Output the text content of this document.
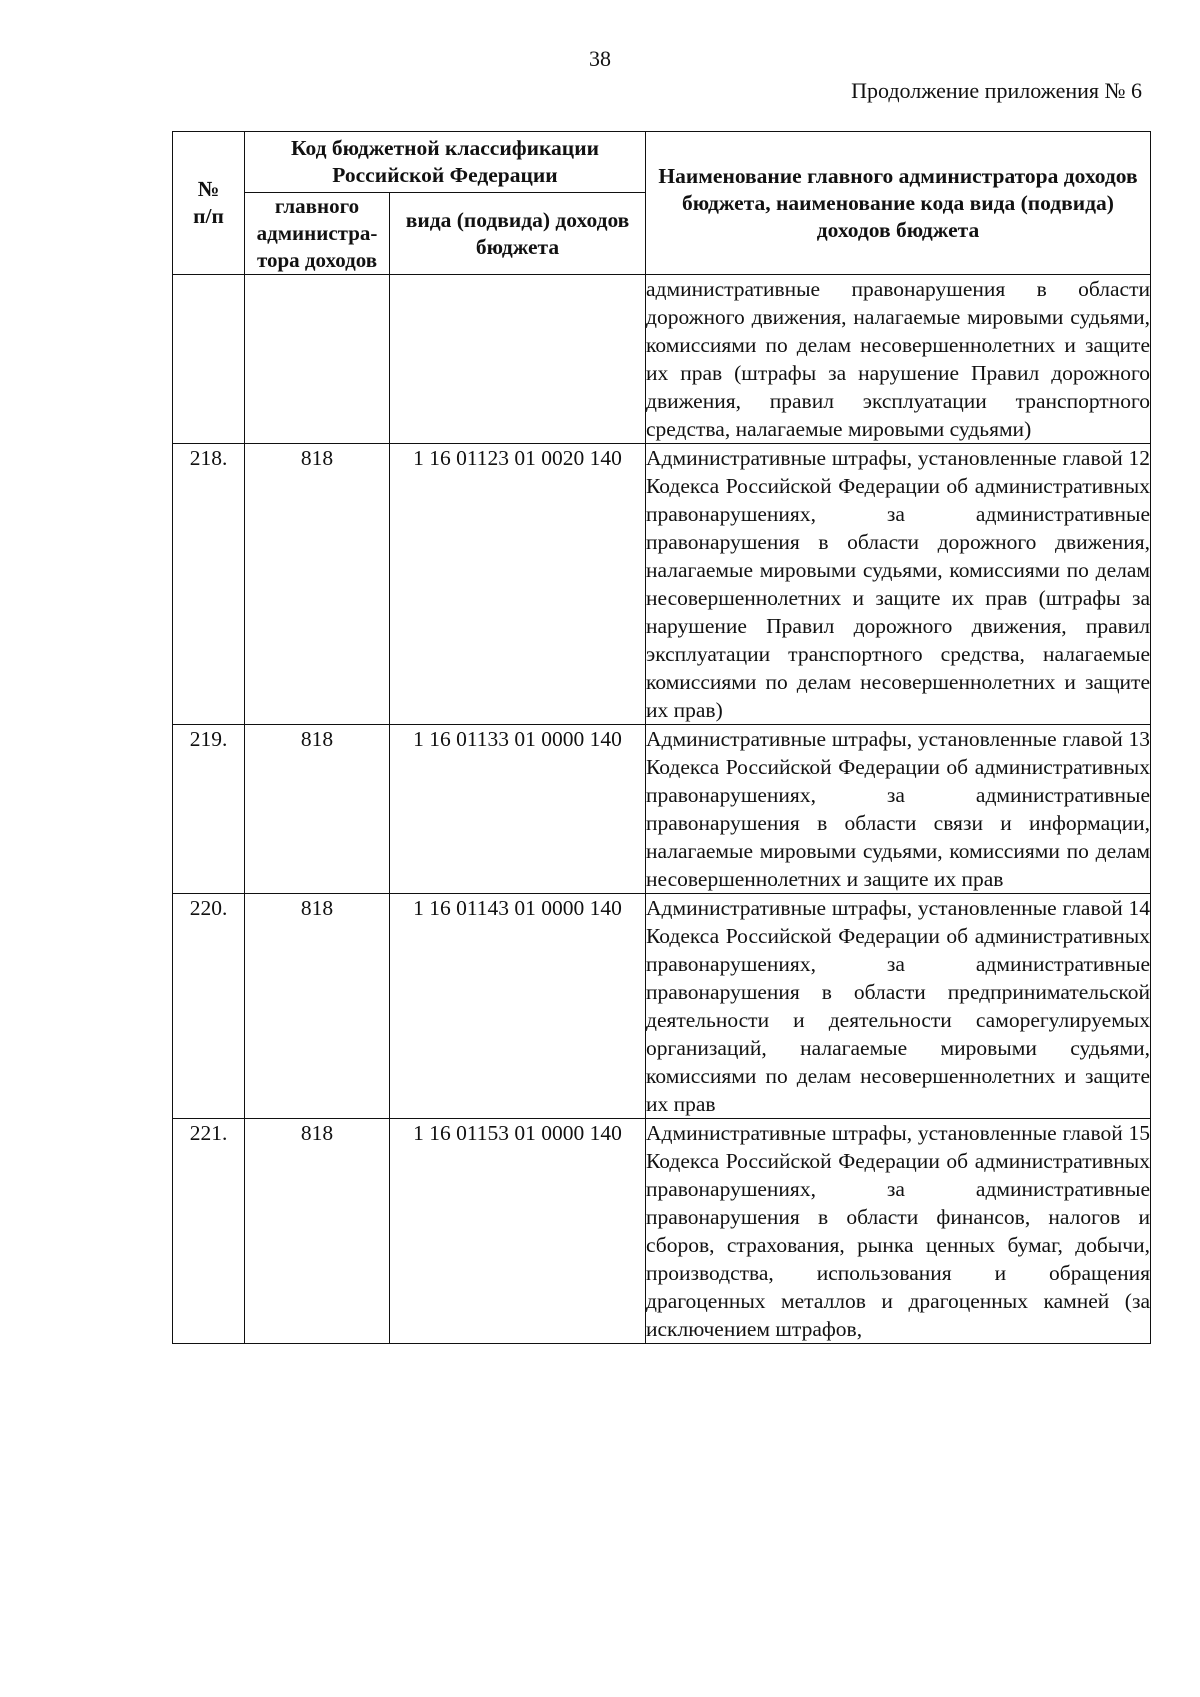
38
Продолжение приложения № 6
№
п/п	Код бюджетной классификации Российской Федерации		Наименование главного администратора доходов бюджета, наименование кода вида (подвида) доходов бюджета
	главного администра-тора доходов	вида (подвида) доходов бюджета	
			административные правонарушения в области дорожного движения, налагаемые мировыми судьями, комиссиями по делам несовершеннолетних и защите их прав (штрафы за нарушение Правил дорожного движения, правил эксплуатации транспортного средства, налагаемые мировыми судьями)
218.	818	1 16 01123 01 0020 140	Административные штрафы, установленные главой 12 Кодекса Российской Федерации об административных правонарушениях, за административные правонарушения в области дорожного движения, налагаемые мировыми судьями, комиссиями по делам несовершеннолетних и защите их прав (штрафы за нарушение Правил дорожного движения, правил эксплуатации транспортного средства, налагаемые комиссиями по делам несовершеннолетних и защите их прав)
219.	818	1 16 01133 01 0000 140	Административные штрафы, установленные главой 13 Кодекса Российской Федерации об административных правонарушениях, за административные правонарушения в области связи и информации, налагаемые мировыми судьями, комиссиями по делам несовершеннолетних и защите их прав
220.	818	1 16 01143 01 0000 140	Административные штрафы, установленные главой 14 Кодекса Российской Федерации об административных правонарушениях, за административные правонарушения в области предпринимательской деятельности и деятельности саморегулируемых организаций, налагаемые мировыми судьями, комиссиями по делам несовершеннолетних и защите их прав
221.	818	1 16 01153 01 0000 140	Административные штрафы, установленные главой 15 Кодекса Российской Федерации об административных правонарушениях, за административные правонарушения в области финансов, налогов и сборов, страхования, рынка ценных бумаг, добычи, производства, использования и обращения драгоценных металлов и драгоценных камней (за исключением штрафов,
